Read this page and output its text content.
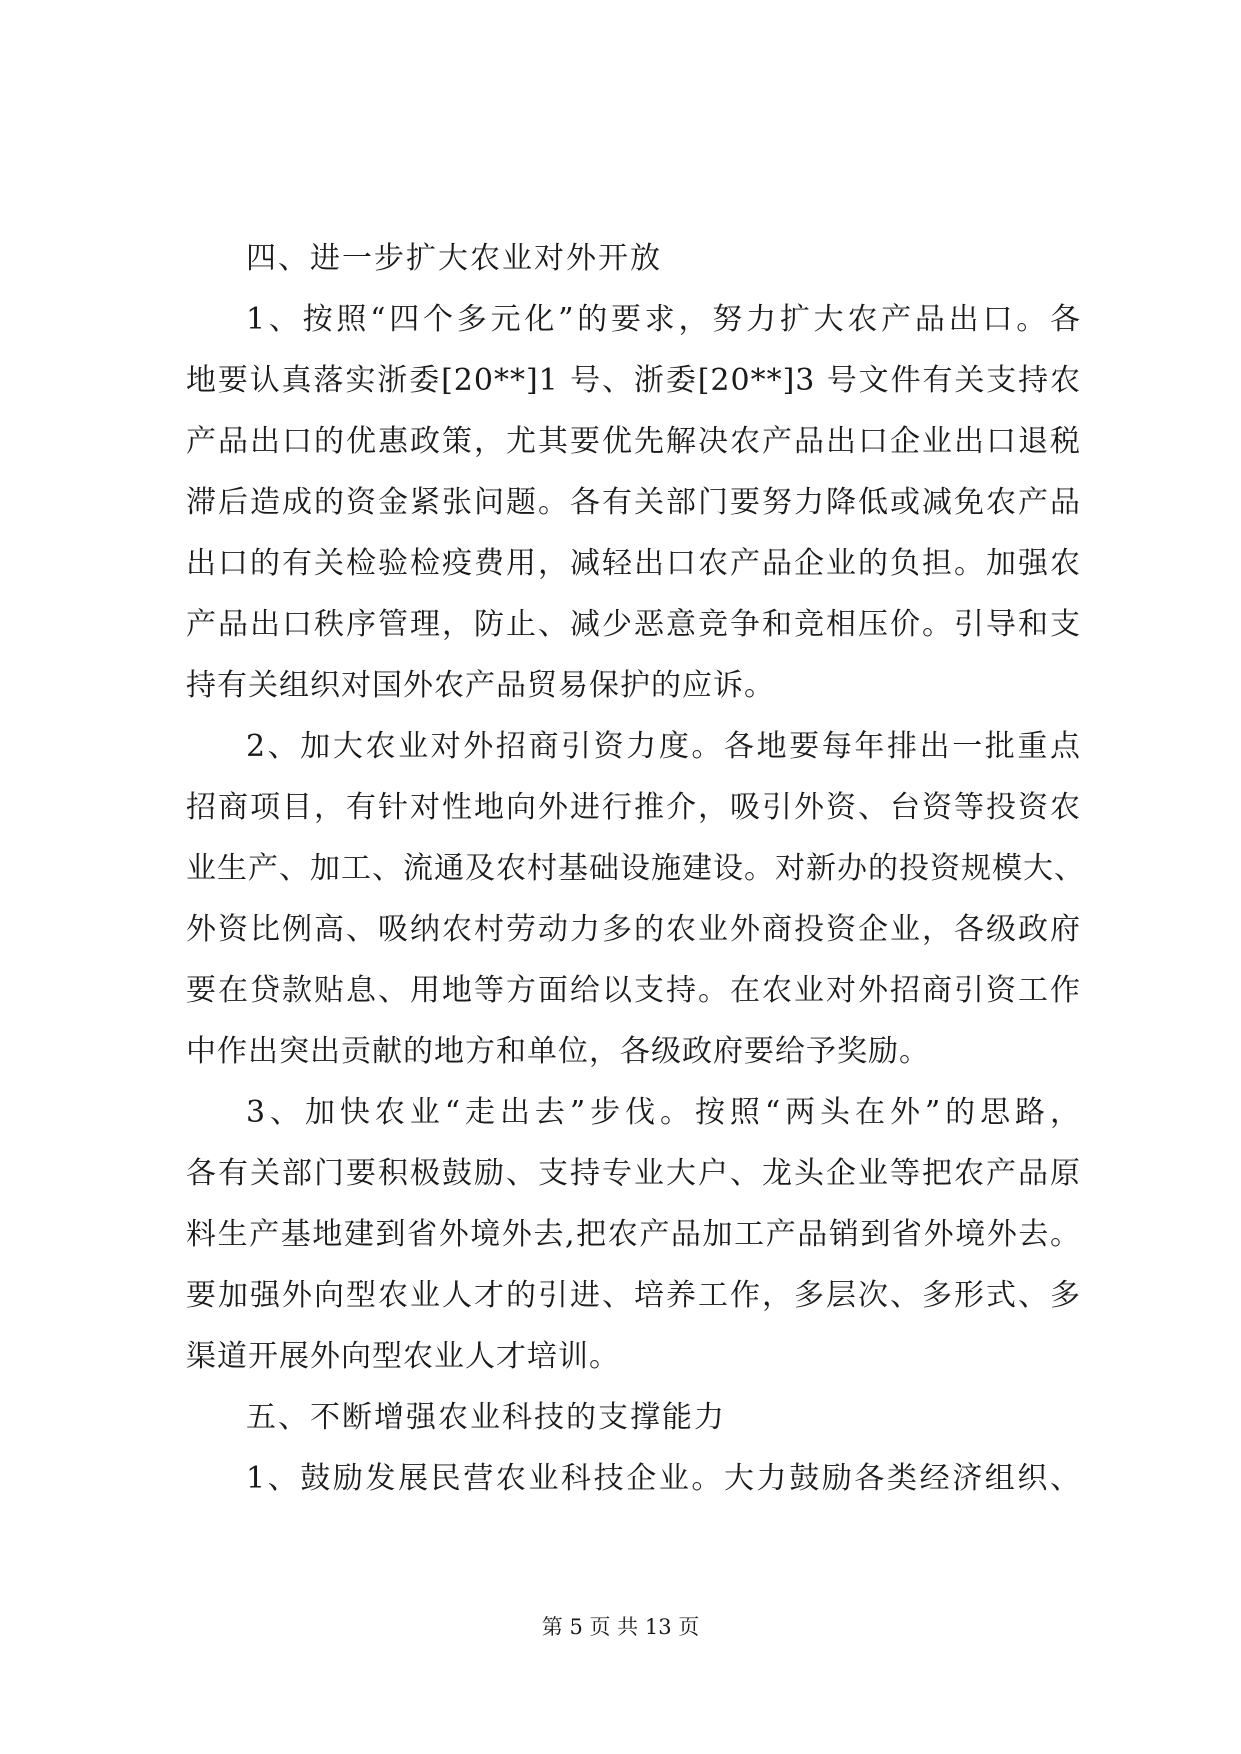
四、进一步扩大农业对外开放
1、按照“四个多元化”的要求，努力扩大农产品出口。各
地要认真落实浙委[20**]1 号、浙委[20**]3 号文件有关支持农
产品出口的优惠政策，尤其要优先解决农产品出口企业出口退税
滞后造成的资金紧张问题。各有关部门要努力降低或减免农产品
出口的有关检验检疫费用，减轻出口农产品企业的负担。加强农
产品出口秩序管理，防止、减少恶意竞争和竞相压价。引导和支
持有关组织对国外农产品贸易保护的应诉。
2、加大农业对外招商引资力度。各地要每年排出一批重点
招商项目，有针对性地向外进行推介，吸引外资、台资等投资农
业生产、加工、流通及农村基础设施建设。对新办的投资规模大、
外资比例高、吸纳农村劳动力多的农业外商投资企业，各级政府
要在贷款贴息、用地等方面给以支持。在农业对外招商引资工作
中作出突出贡献的地方和单位，各级政府要给予奖励。
3、加快农业“走出去”步伐。按照“两头在外”的思路，
各有关部门要积极鼓励、支持专业大户、龙头企业等把农产品原
料生产基地建到省外境外去,把农产品加工产品销到省外境外去。
要加强外向型农业人才的引进、培养工作，多层次、多形式、多
渠道开展外向型农业人才培训。
五、不断增强农业科技的支撑能力
1、鼓励发展民营农业科技企业。大力鼓励各类经济组织、
第 5 页 共 13 页
